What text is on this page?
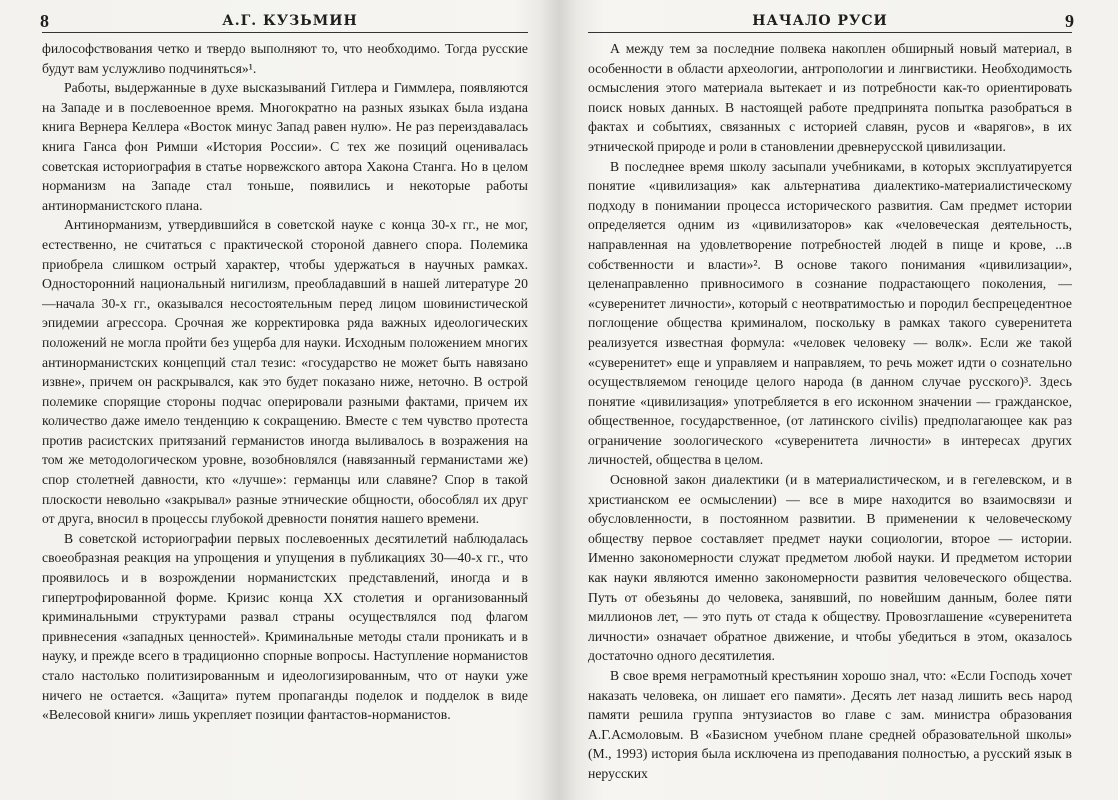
8	А.Г. КУЗЬМИН

философствования четко и твердо выполняют то, что необходимо. Тогда русские будут вам услужливо подчиняться»¹.

Работы, выдержанные в духе высказываний Гитлера и Гиммлера, появляются на Западе и в послевоенное время. Многократно на разных языках была издана книга Вернера Келлера «Восток минус Запад равен нулю». Не раз переиздавалась книга Ганса фон Римши «История России». С тех же позиций оценивалась советская историография в статье норвежского автора Хакона Станга. Но в целом норманизм на Западе стал тоньше, появились и некоторые работы антинорманистского плана.

Антинорманизм, утвердившийся в советской науке с конца 30-х гг., не мог, естественно, не считаться с практической стороной давнего спора. Полемика приобрела слишком острый характер, чтобы удержаться в научных рамках. Односторонний национальный нигилизм, преобладавший в нашей литературе 20—начала 30-х гг., оказывался несостоятельным перед лицом шовинистической эпидемии агрессора. Срочная же корректировка ряда важных идеологических положений не могла пройти без ущерба для науки. Исходным положением многих антинорманистских концепций стал тезис: «государство не может быть навязано извне», причем он раскрывался, как это будет показано ниже, неточно. В острой полемике спорящие стороны подчас оперировали разными фактами, причем их количество даже имело тенденцию к сокращению. Вместе с тем чувство протеста против расистских притязаний германистов иногда выливалось в возражения на том же методологическом уровне, возобновлялся (навязанный германистами же) спор столетней давности, кто «лучше»: германцы или славяне? Спор в такой плоскости невольно «закрывал» разные этнические общности, обособлял их друг от друга, вносил в процессы глубокой древности понятия нашего времени.

В советской историографии первых послевоенных десятилетий наблюдалась своеобразная реакция на упрощения и упущения в публикациях 30—40-х гг., что проявилось и в возрождении норманистских представлений, иногда и в гипертрофированной форме. Кризис конца XX столетия и организованный криминальными структурами развал страны осуществлялся под флагом привнесения «западных ценностей». Криминальные методы стали проникать и в науку, и прежде всего в традиционно спорные вопросы. Наступление норманистов стало настолько политизированным и идеологизированным, что от науки уже ничего не остается. «Защита» путем пропаганды поделок и подделок в виде «Велесовой книги» лишь укрепляет позиции фантастов-норманистов.

НАЧАЛО РУСИ	9

А между тем за последние полвека накоплен обширный новый материал, в особенности в области археологии, антропологии и лингвистики. Необходимость осмысления этого материала вытекает и из потребности как-то ориентировать поиск новых данных. В настоящей работе предпринята попытка разобраться в фактах и событиях, связанных с историей славян, русов и «варягов», в их этнической природе и роли в становлении древнерусской цивилизации.

В последнее время школу засыпали учебниками, в которых эксплуатируется понятие «цивилизация» как альтернатива диалектико-материалистическому подходу в понимании процесса исторического развития. Сам предмет истории определяется одним из «цивилизаторов» как «человеческая деятельность, направленная на удовлетворение потребностей людей в пище и крове, ...в собственности и власти»². В основе такого понимания «цивилизации», целенаправленно привносимого в сознание подрастающего поколения, — «суверенитет личности», который с неотвратимостью и породил беспрецедентное поглощение общества криминалом, поскольку в рамках такого суверенитета реализуется известная формула: «человек человеку — волк». Если же такой «суверенитет» еще и управляем и направляем, то речь может идти о сознательно осуществляемом геноциде целого народа (в данном случае русского)³. Здесь понятие «цивилизация» употребляется в его исконном значении — гражданское, общественное, государственное, (от латинского civilis) предполагающее как раз ограничение зоологического «суверенитета личности» в интересах других личностей, общества в целом.

Основной закон диалектики (и в материалистическом, и в гегелевском, и в христианском ее осмыслении) — все в мире находится во взаимосвязи и обусловленности, в постоянном развитии. В применении к человеческому обществу первое составляет предмет науки социологии, второе — истории. Именно закономерности служат предметом любой науки. И предметом истории как науки являются именно закономерности развития человеческого общества. Путь от обезьяны до человека, занявший, по новейшим данным, более пяти миллионов лет, — это путь от стада к обществу. Провозглашение «суверенитета личности» означает обратное движение, и чтобы убедиться в этом, оказалось достаточно одного десятилетия.

В свое время неграмотный крестьянин хорошо знал, что: «Если Господь хочет наказать человека, он лишает его памяти». Десять лет назад лишить весь народ памяти решила группа энтузиастов во главе с зам. министра образования А.Г.Асмоловым. В «Базисном учебном плане средней образовательной школы» (М., 1993) история была исключена из преподавания полностью, а русский язык в нерусских
